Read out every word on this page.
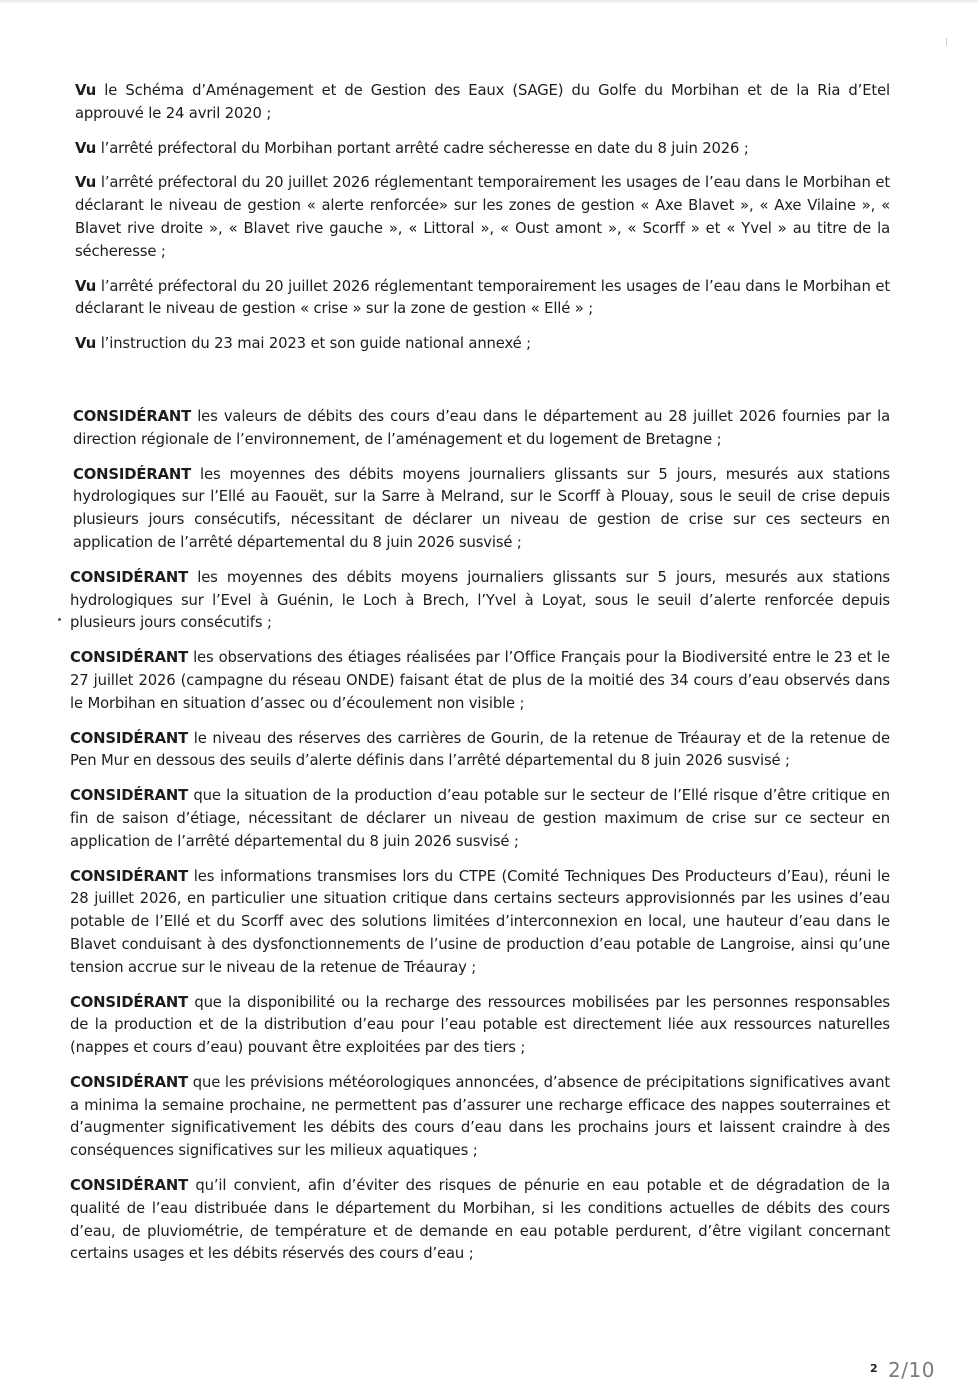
Vu le Schéma d’Aménagement et de Gestion des Eaux (SAGE) du Golfe du Morbihan et de la Ria d’Etel approuvé le 24 avril 2020 ;

Vu l’arrêté préfectoral du Morbihan portant arrêté cadre sécheresse en date du 8 juin 2026 ;

Vu l’arrêté préfectoral du 20 juillet 2026 réglementant temporairement les usages de l’eau dans le Morbihan et déclarant le niveau de gestion « alerte renforcée» sur les zones de gestion « Axe Blavet », « Axe Vilaine », « Blavet rive droite », « Blavet rive gauche », « Littoral », « Oust amont », « Scorff » et « Yvel » au titre de la sécheresse ;

Vu l’arrêté préfectoral du 20 juillet 2026 réglementant temporairement les usages de l’eau dans le Morbihan et déclarant le niveau de gestion « crise » sur la zone de gestion « Ellé » ;

Vu l’instruction du 23 mai 2023 et son guide national annexé ;

CONSIDÉRANT les valeurs de débits des cours d’eau dans le département au 28 juillet 2026 fournies par la direction régionale de l’environnement, de l’aménagement et du logement de Bretagne ;

CONSIDÉRANT les moyennes des débits moyens journaliers glissants sur 5 jours, mesurés aux stations hydrologiques sur l’Ellé au Faouët, sur la Sarre à Melrand, sur le Scorff à Plouay, sous le seuil de crise depuis plusieurs jours consécutifs, nécessitant de déclarer un niveau de gestion de crise sur ces secteurs en application de l’arrêté départemental du 8 juin 2026 susvisé ;

CONSIDÉRANT les moyennes des débits moyens journaliers glissants sur 5 jours, mesurés aux stations hydrologiques sur l’Evel à Guénin, le Loch à Brech, l’Yvel à Loyat, sous le seuil d’alerte renforcée depuis plusieurs jours consécutifs ;

CONSIDÉRANT les observations des étiages réalisées par l’Office Français pour la Biodiversité entre le 23 et le 27 juillet 2026 (campagne du réseau ONDE) faisant état de plus de la moitié des 34 cours d’eau observés dans le Morbihan en situation d’assec ou d’écoulement non visible ;

CONSIDÉRANT le niveau des réserves des carrières de Gourin, de la retenue de Tréauray et de la retenue de Pen Mur en dessous des seuils d’alerte définis dans l’arrêté départemental du 8 juin 2026 susvisé ;

CONSIDÉRANT que la situation de la production d’eau potable sur le secteur de l’Ellé risque d’être critique en fin de saison d’étiage, nécessitant de déclarer un niveau de gestion maximum de crise sur ce secteur en application de l’arrêté départemental du 8 juin 2026 susvisé ;

CONSIDÉRANT les informations transmises lors du CTPE (Comité Techniques Des Producteurs d’Eau), réuni le 28 juillet 2026, en particulier une situation critique dans certains secteurs approvisionnés par les usines d’eau potable de l’Ellé et du Scorff avec des solutions limitées d’interconnexion en local, une hauteur d’eau dans le Blavet conduisant à des dysfonctionnements de l’usine de production d’eau potable de Langroise, ainsi qu’une tension accrue sur le niveau de la retenue de Tréauray ;

CONSIDÉRANT que la disponibilité ou la recharge des ressources mobilisées par les personnes responsables de la production et de la distribution d’eau pour l’eau potable est directement liée aux ressources naturelles (nappes et cours d’eau) pouvant être exploitées par des tiers ;

CONSIDÉRANT que les prévisions météorologiques annoncées, d’absence de précipitations significatives avant a minima la semaine prochaine, ne permettent pas d’assurer une recharge efficace des nappes souterraines et d’augmenter significativement les débits des cours d’eau dans les prochains jours et laissent craindre à des conséquences significatives sur les milieux aquatiques ;

CONSIDÉRANT qu’il convient, afin d’éviter des risques de pénurie en eau potable et de dégradation de la qualité de l’eau distribuée dans le département du Morbihan, si les conditions actuelles de débits des cours d’eau, de pluviométrie, de température et de demande en eau potable perdurent, d’être vigilant concernant certains usages et les débits réservés des cours d’eau ;

2 2/10
